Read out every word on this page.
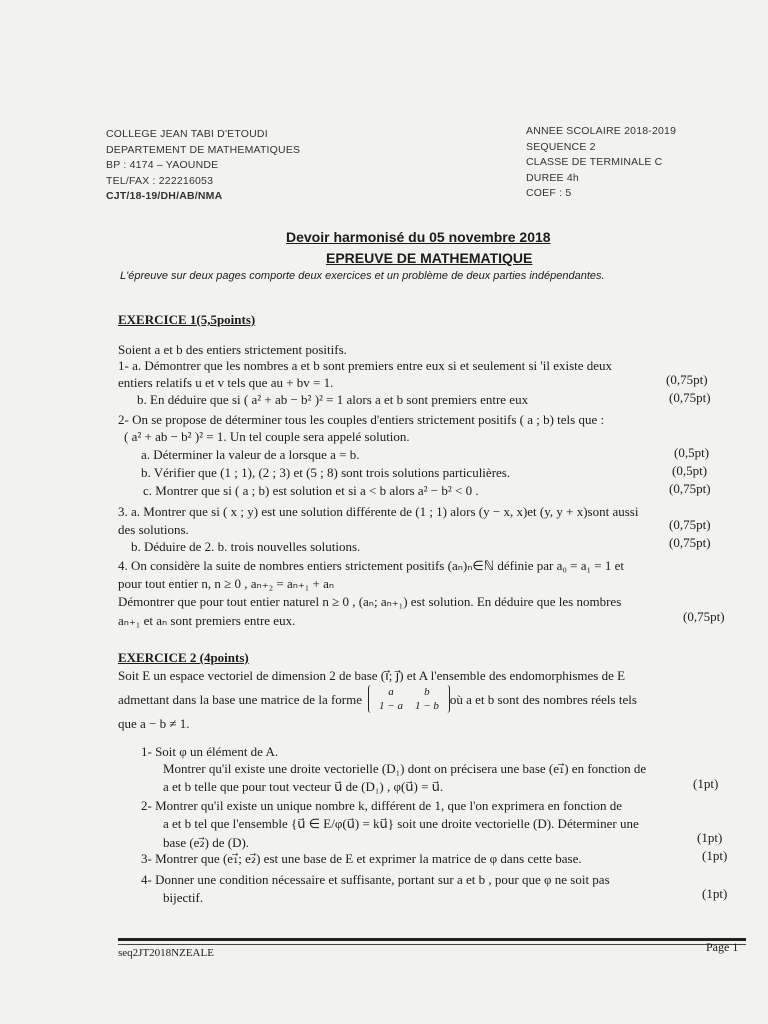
COLLEGE JEAN TABI D'ETOUDI
DEPARTEMENT DE MATHEMATIQUES
BP : 4174 – YAOUNDE
TEL/FAX : 222216053
CJT/18-19/DH/AB/NMA
ANNEE SCOLAIRE 2018-2019
SEQUENCE 2
CLASSE DE TERMINALE C
DUREE 4h
COEF : 5
Devoir harmonisé du 05 novembre 2018
EPREUVE DE MATHEMATIQUE
L'épreuve sur deux pages comporte deux exercices et un problème de deux parties indépendantes.
EXERCICE 1(5,5points)
Soient a et b des entiers strictement positifs.
1- a. Démontrer que les nombres a et b sont premiers entre eux si et seulement si 'il existe deux
entiers relatifs u et v tels que au + bv = 1.	(0,75pt)
b. En déduire que si ( a² + ab − b² )² = 1 alors a et b sont premiers entre eux	(0,75pt)
2- On se propose de déterminer tous les couples d'entiers strictement positifs ( a ; b) tels que :
( a² + ab − b² )² = 1. Un tel couple sera appelé solution.
a. Déterminer la valeur de a lorsque a = b.	(0,5pt)
b. Vérifier que (1 ; 1), (2 ; 3) et (5 ; 8) sont trois solutions particulières.	(0,5pt)
c. Montrer que si ( a ; b) est solution et si a < b alors a² − b² < 0 .	(0,75pt)
3. a. Montrer que si ( x ; y) est une solution différente de (1 ; 1) alors (y − x, x)et (y, y + x)sont aussi
des solutions.	(0,75pt)
b. Déduire de 2. b. trois nouvelles solutions.	(0,75pt)
4. On considère la suite de nombres entiers strictement positifs (aₙ)ₙ∈ℕ définie par a₀ = a₁ = 1 et
pour tout entier n, n ≥ 0 , aₙ₊₂ = aₙ₊₁ + aₙ
Démontrer que pour tout entier naturel n ≥ 0 , (aₙ; aₙ₊₁) est solution. En déduire que les nombres
aₙ₊₁ et aₙ sont premiers entre eux.	(0,75pt)
EXERCICE 2 (4points)
Soit E un espace vectoriel de dimension 2 de base (i⃗; j⃗) et A l'ensemble des endomorphismes de E
admettant dans la base une matrice de la forme a	b
1 − a	1 − b où a et b sont des nombres réels tels
que a − b ≠ 1.
1- Soit φ un élément de A.
Montrer qu'il existe une droite vectorielle (D₁) dont on précisera une base (e₁⃗) en fonction de
a et b telle que pour tout vecteur u⃗ de (D₁) , φ(u⃗) = u⃗.	(1pt)
2- Montrer qu'il existe un unique nombre k, différent de 1, que l'on exprimera en fonction de
a et b tel que l'ensemble {u⃗ ∈ E/φ(u⃗) = ku⃗} soit une droite vectorielle (D). Déterminer une
base (e₂⃗) de (D).	(1pt)
3- Montrer que (e₁⃗; e₂⃗) est une base de E et exprimer la matrice de φ dans cette base.	(1pt)
4- Donner une condition nécessaire et suffisante, portant sur a et b , pour que φ ne soit pas
bijectif.	(1pt)
seq2JT2018NZEALE	Page 1
